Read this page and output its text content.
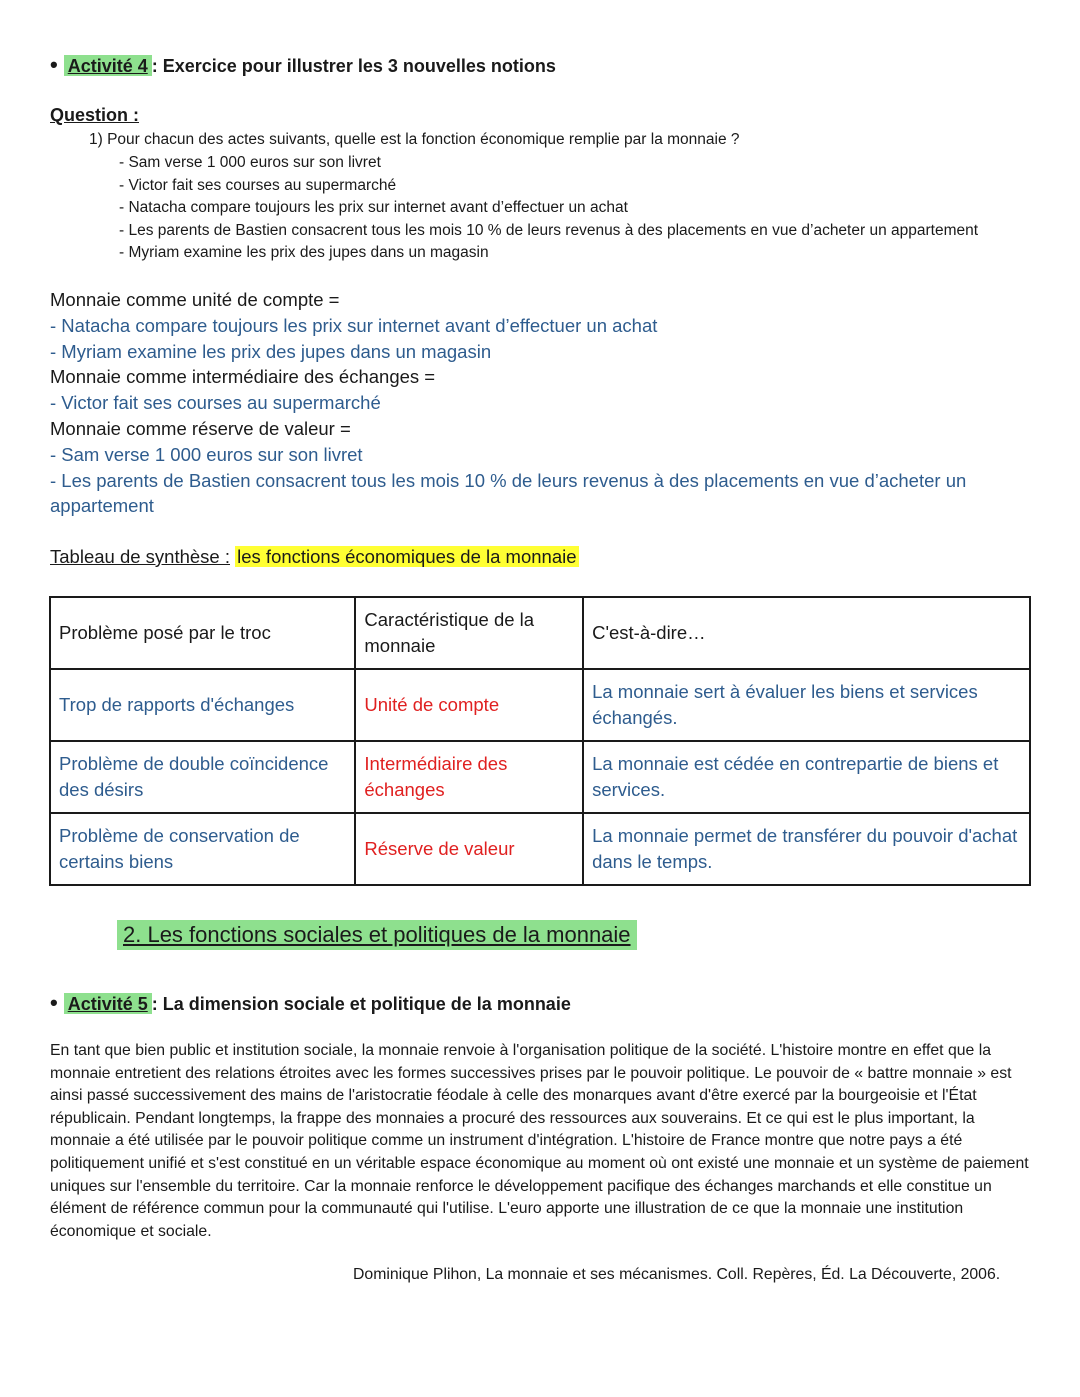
• Activité 4 : Exercice pour illustrer les 3 nouvelles notions
Question :
1) Pour chacun des actes suivants, quelle est la fonction économique remplie par la monnaie ?
- Sam verse 1 000 euros sur son livret
- Victor fait ses courses au supermarché
- Natacha compare toujours les prix sur internet avant d’effectuer un achat
- Les parents de Bastien consacrent tous les mois 10 % de leurs revenus à des placements en vue d’acheter un appartement
- Myriam examine les prix des jupes dans un magasin
Monnaie comme unité de compte =
- Natacha compare toujours les prix sur internet avant d’effectuer un achat
- Myriam examine les prix des jupes dans un magasin
Monnaie comme intermédiaire des échanges =
- Victor fait ses courses au supermarché
Monnaie comme réserve de valeur =
- Sam verse 1 000 euros sur son livret
- Les parents de Bastien consacrent tous les mois 10 % de leurs revenus à des placements en vue d’acheter un appartement
Tableau de synthèse : les fonctions économiques de la monnaie
Problème posé par le troc	Caractéristique de la monnaie	C'est-à-dire…
Trop de rapports d'échanges	Unité de compte	La monnaie sert à évaluer les biens et services échangés.
Problème de double coïncidence des désirs	Intermédiaire des échanges	La monnaie est cédée en contrepartie de biens et services.
Problème de conservation de certains biens	Réserve de valeur	La monnaie permet de transférer du pouvoir d'achat dans le temps.
2. Les fonctions sociales et politiques de la monnaie
• Activité 5 : La dimension sociale et politique de la monnaie
En tant que bien public et institution sociale, la monnaie renvoie à l'organisation politique de la société. L'histoire montre en effet que la monnaie entretient des relations étroites avec les formes successives prises par le pouvoir politique. Le pouvoir de « battre monnaie » est ainsi passé successivement des mains de l'aristocratie féodale à celle des monarques avant d'être exercé par la bourgeoisie et l'État républicain. Pendant longtemps, la frappe des monnaies a procuré des ressources aux souverains. Et ce qui est le plus important, la monnaie a été utilisée par le pouvoir politique comme un instrument d'intégration. L'histoire de France montre que notre pays a été politiquement unifié et s'est constitué en un véritable espace économique au moment où ont existé une monnaie et un système de paiement uniques sur l'ensemble du territoire. Car la monnaie renforce le développement pacifique des échanges marchands et elle constitue un élément de référence commun pour la communauté qui l'utilise. L'euro apporte une illustration de ce que la monnaie une institution économique et sociale.
Dominique Plihon, La monnaie et ses mécanismes. Coll. Repères, Éd. La Découverte, 2006.
